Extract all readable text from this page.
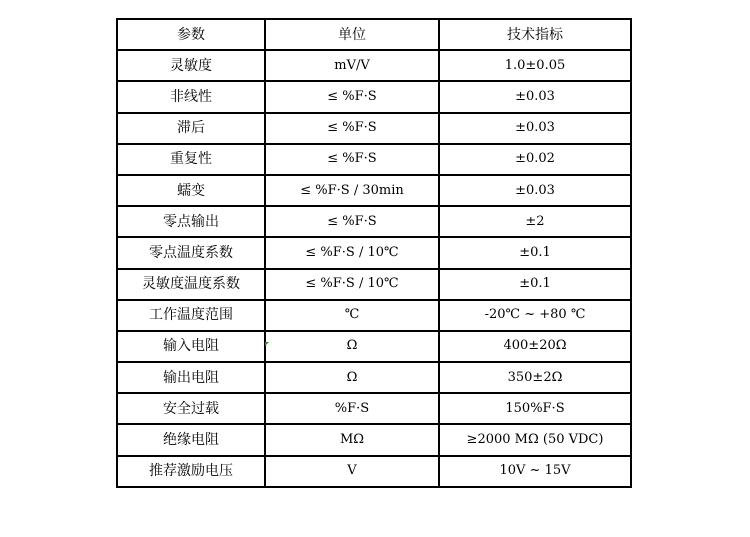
参数	单位	技术指标
灵敏度	mV/V	1.0±0.05
非线性	≤ %F·S	±0.03
滞后	≤ %F·S	±0.03
重复性	≤ %F·S	±0.02
蠕变	≤ %F·S / 30min	±0.03
零点输出	≤ %F·S	±2
零点温度系数	≤ %F·S / 10℃	±0.1
灵敏度温度系数	≤ %F·S / 10℃	±0.1
工作温度范围	℃	-20℃ ~ +80 ℃
输入电阻	Ω	400±20Ω
输出电阻	Ω	350±2Ω
安全过载	%F·S	150%F·S
绝缘电阻	MΩ	≥2000 MΩ (50 VDC)
推荐激励电压	V	10V ~ 15V
